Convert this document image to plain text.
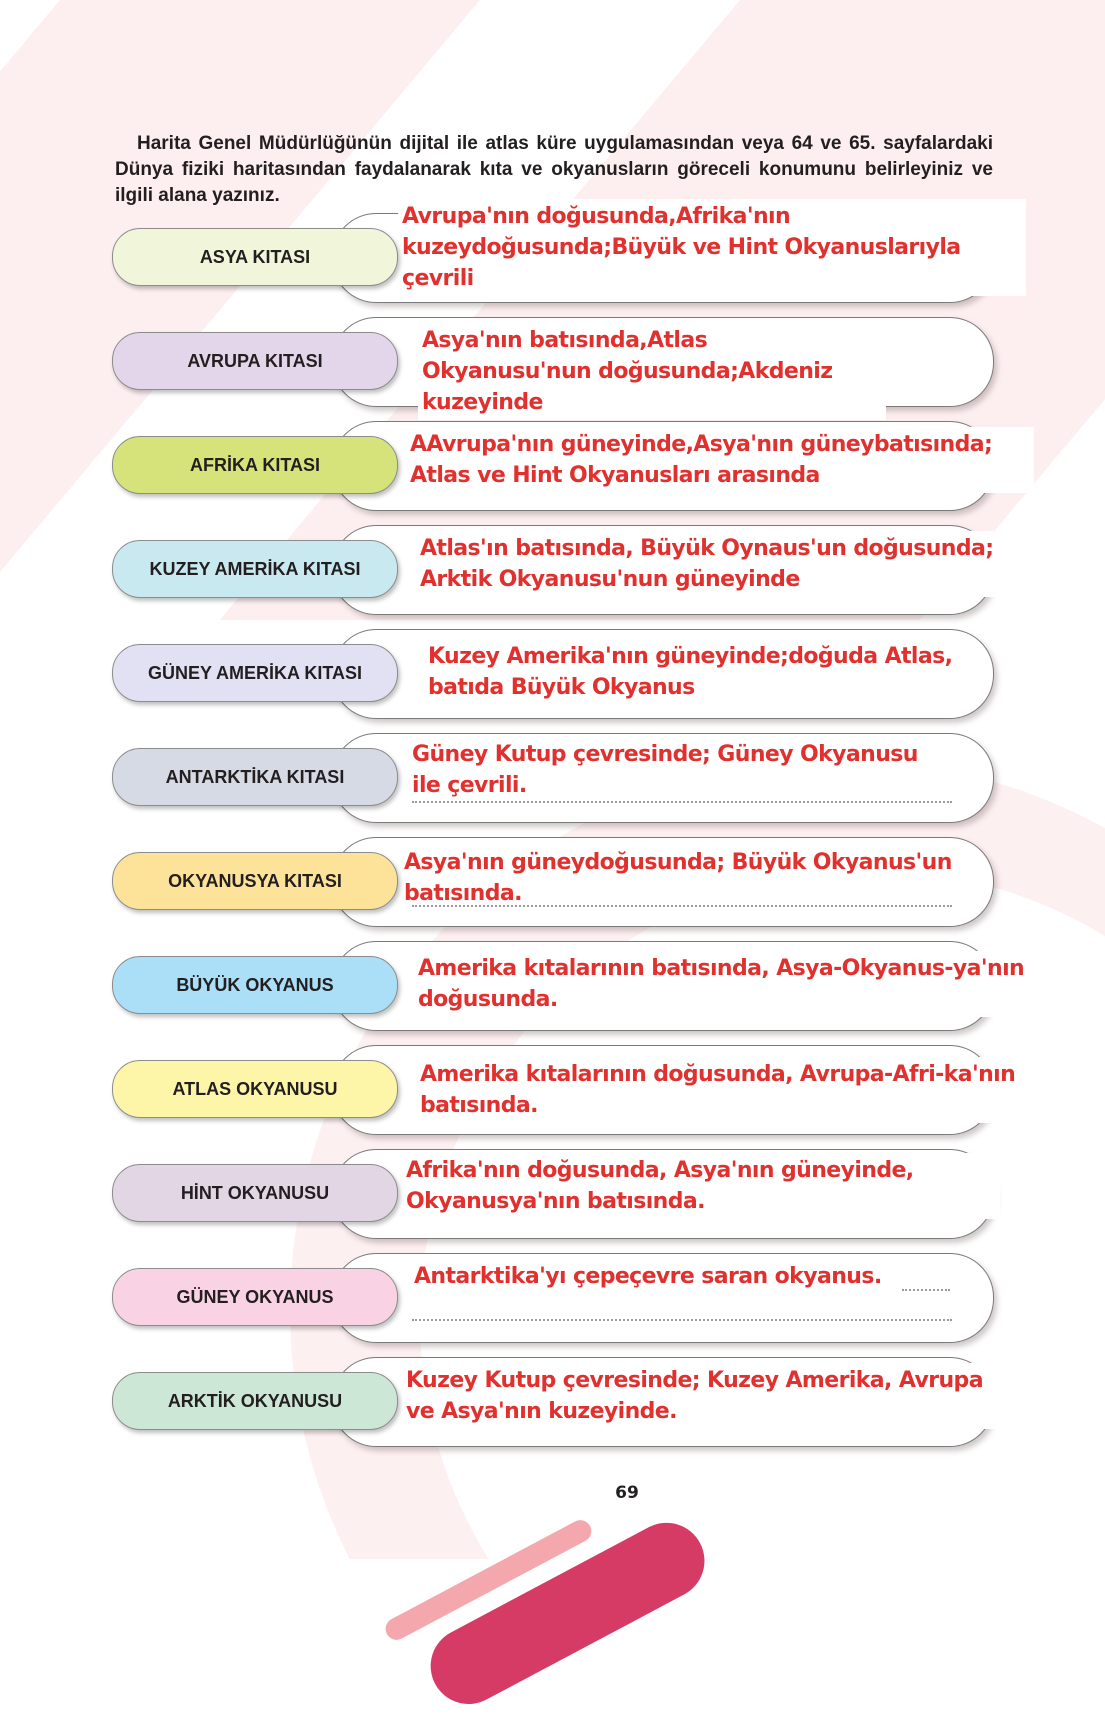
Harita Genel Müdürlüğünün dijital ile atlas küre uygulamasından veya 64 ve 65. sayfalardaki Dünya fiziki haritasından faydalanarak kıta ve okyanusların göreceli konumunu belirleyiniz ve ilgili alana yazınız.

Avrupa'nın doğusunda,Afrika'nın kuzeydoğusunda;Büyük ve Hint Okyanuslarıyla çevrili
ASYA KITASI
Asya'nın batısında,Atlas Okyanusu'nun doğusunda;Akdeniz kuzeyinde
AVRUPA KITASI
AAvrupa'nın güneyinde,Asya'nın güneybatısında; Atlas ve Hint Okyanusları arasında
AFRİKA KITASI
Atlas'ın batısında, Büyük Oynaus'un doğusunda; Arktik Okyanusu'nun güneyinde
KUZEY AMERİKA KITASI
Kuzey Amerika'nın güneyinde;doğuda Atlas, batıda Büyük Okyanus
GÜNEY AMERİKA KITASI
Güney Kutup çevresinde; Güney Okyanusu ile çevrili.
ANTARKTİKA KITASI
Asya'nın güneydoğusunda; Büyük Okyanus'un batısında.
OKYANUSYA KITASI
Amerika kıtalarının batısında, Asya-Okyanus-ya'nın doğusunda.
BÜYÜK OKYANUS
Amerika kıtalarının doğusunda, Avrupa-Afri-ka'nın batısında.
ATLAS OKYANUSU
Afrika'nın doğusunda, Asya'nın güneyinde, Okyanusya'nın batısında.
HİNT OKYANUSU
Antarktika'yı çepeçevre saran okyanus.
GÜNEY OKYANUS
Kuzey Kutup çevresinde; Kuzey Amerika, Avrupa ve Asya'nın kuzeyinde.
ARKTİK OKYANUSU
69
